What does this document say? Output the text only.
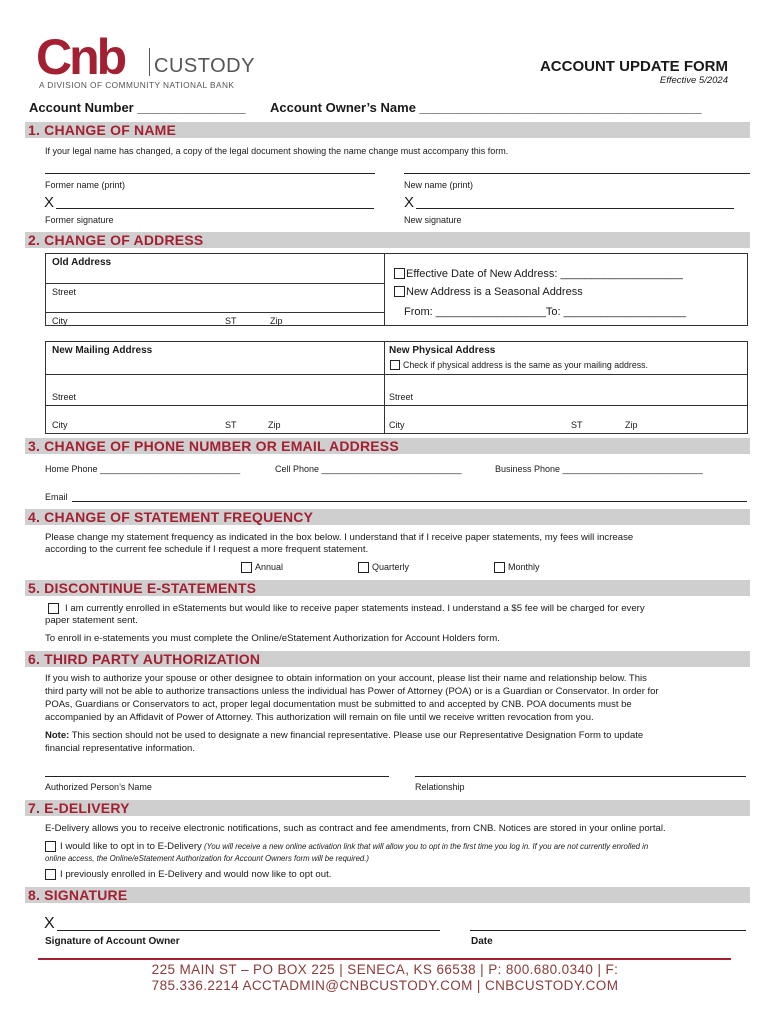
Cnb CUSTODY
A DIVISION OF COMMUNITY NATIONAL BANK
ACCOUNT UPDATE FORM
Effective 5/2024
Account Number _______________ Account Owner’s Name _______________________________________
1. CHANGE OF NAME
If your legal name has changed, a copy of the legal document showing the name change must accompany this form.
Former name (print)	New name (print)
X	X
Former signature	New signature
2. CHANGE OF ADDRESS
Old Address
Street
City	ST	Zip
Effective Date of New Address: ____________________
New Address is a Seasonal Address
From: __________________To: ____________________
New Mailing Address	New Physical Address
Check if physical address is the same as your mailing address.
Street	Street
City	ST	Zip	City	ST	Zip
3. CHANGE OF PHONE NUMBER OR EMAIL ADDRESS
Home Phone ____________________________	Cell Phone ____________________________	Business Phone ____________________________
Email
4. CHANGE OF STATEMENT FREQUENCY
Please change my statement frequency as indicated in the box below. I understand that if I receive paper statements, my fees will increase
according to the current fee schedule if I request a more frequent statement.
Annual	Quarterly	Monthly
5. DISCONTINUE E-STATEMENTS
I am currently enrolled in eStatements but would like to receive paper statements instead. I understand a $5 fee will be charged for every
paper statement sent.
To enroll in e-statements you must complete the Online/eStatement Authorization for Account Holders form.
6. THIRD PARTY AUTHORIZATION
If you wish to authorize your spouse or other designee to obtain information on your account, please list their name and relationship below. This
third party will not be able to authorize transactions unless the individual has Power of Attorney (POA) or is a Guardian or Conservator. In order for
POAs, Guardians or Conservators to act, proper legal documentation must be submitted to and accepted by CNB. POA documents must be
accompanied by an Affidavit of Power of Attorney. This authorization will remain on file until we receive written revocation from you.
Note: This section should not be used to designate a new financial representative. Please use our Representative Designation Form to update
financial representative information.
Authorized Person’s Name	Relationship
7. E-DELIVERY
E-Delivery allows you to receive electronic notifications, such as contract and fee amendments, from CNB. Notices are stored in your online portal.
I would like to opt in to E-Delivery (You will receive a new online activation link that will allow you to opt in the first time you log in. If you are not currently enrolled in
online access, the Online/eStatement Authorization for Account Owners form will be required.)
I previously enrolled in E-Delivery and would now like to opt out.
8. SIGNATURE
X
Signature of Account Owner	Date
225 MAIN ST – PO BOX 225 | SENECA, KS 66538 | P: 800.680.0340 | F:
785.336.2214 ACCTADMIN@CNBCUSTODY.COM | CNBCUSTODY.COM
